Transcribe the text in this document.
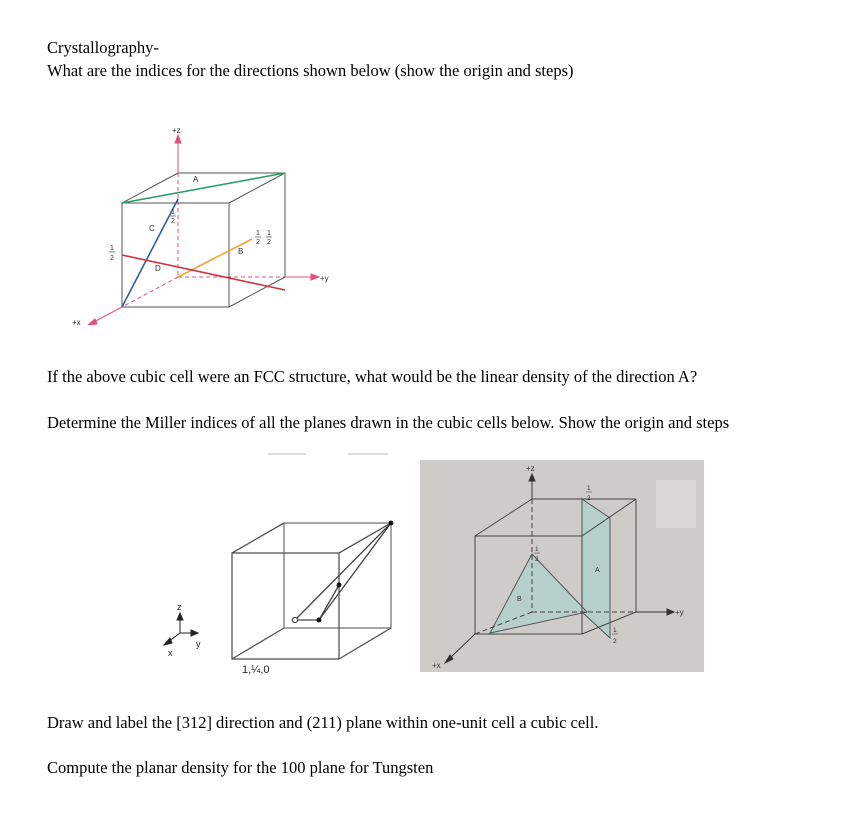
Crystallography-
What are the indices for the directions shown below (show the origin and steps)
+z
+y
+x
A
B
C
D
1
2
1
2
1
2
1
2
If the above cubic cell were an FCC structure, what would be the linear density of the direction A?
Determine the Miller indices of all the planes drawn in the cubic cells below. Show the origin and steps
z
x
y
1,¼,0
+z
+y
+x
A
B
1
2
1
2
1
2
Draw and label the [312] direction and (211) plane within one-unit cell a cubic cell.
Compute the planar density for the 100 plane for Tungsten
